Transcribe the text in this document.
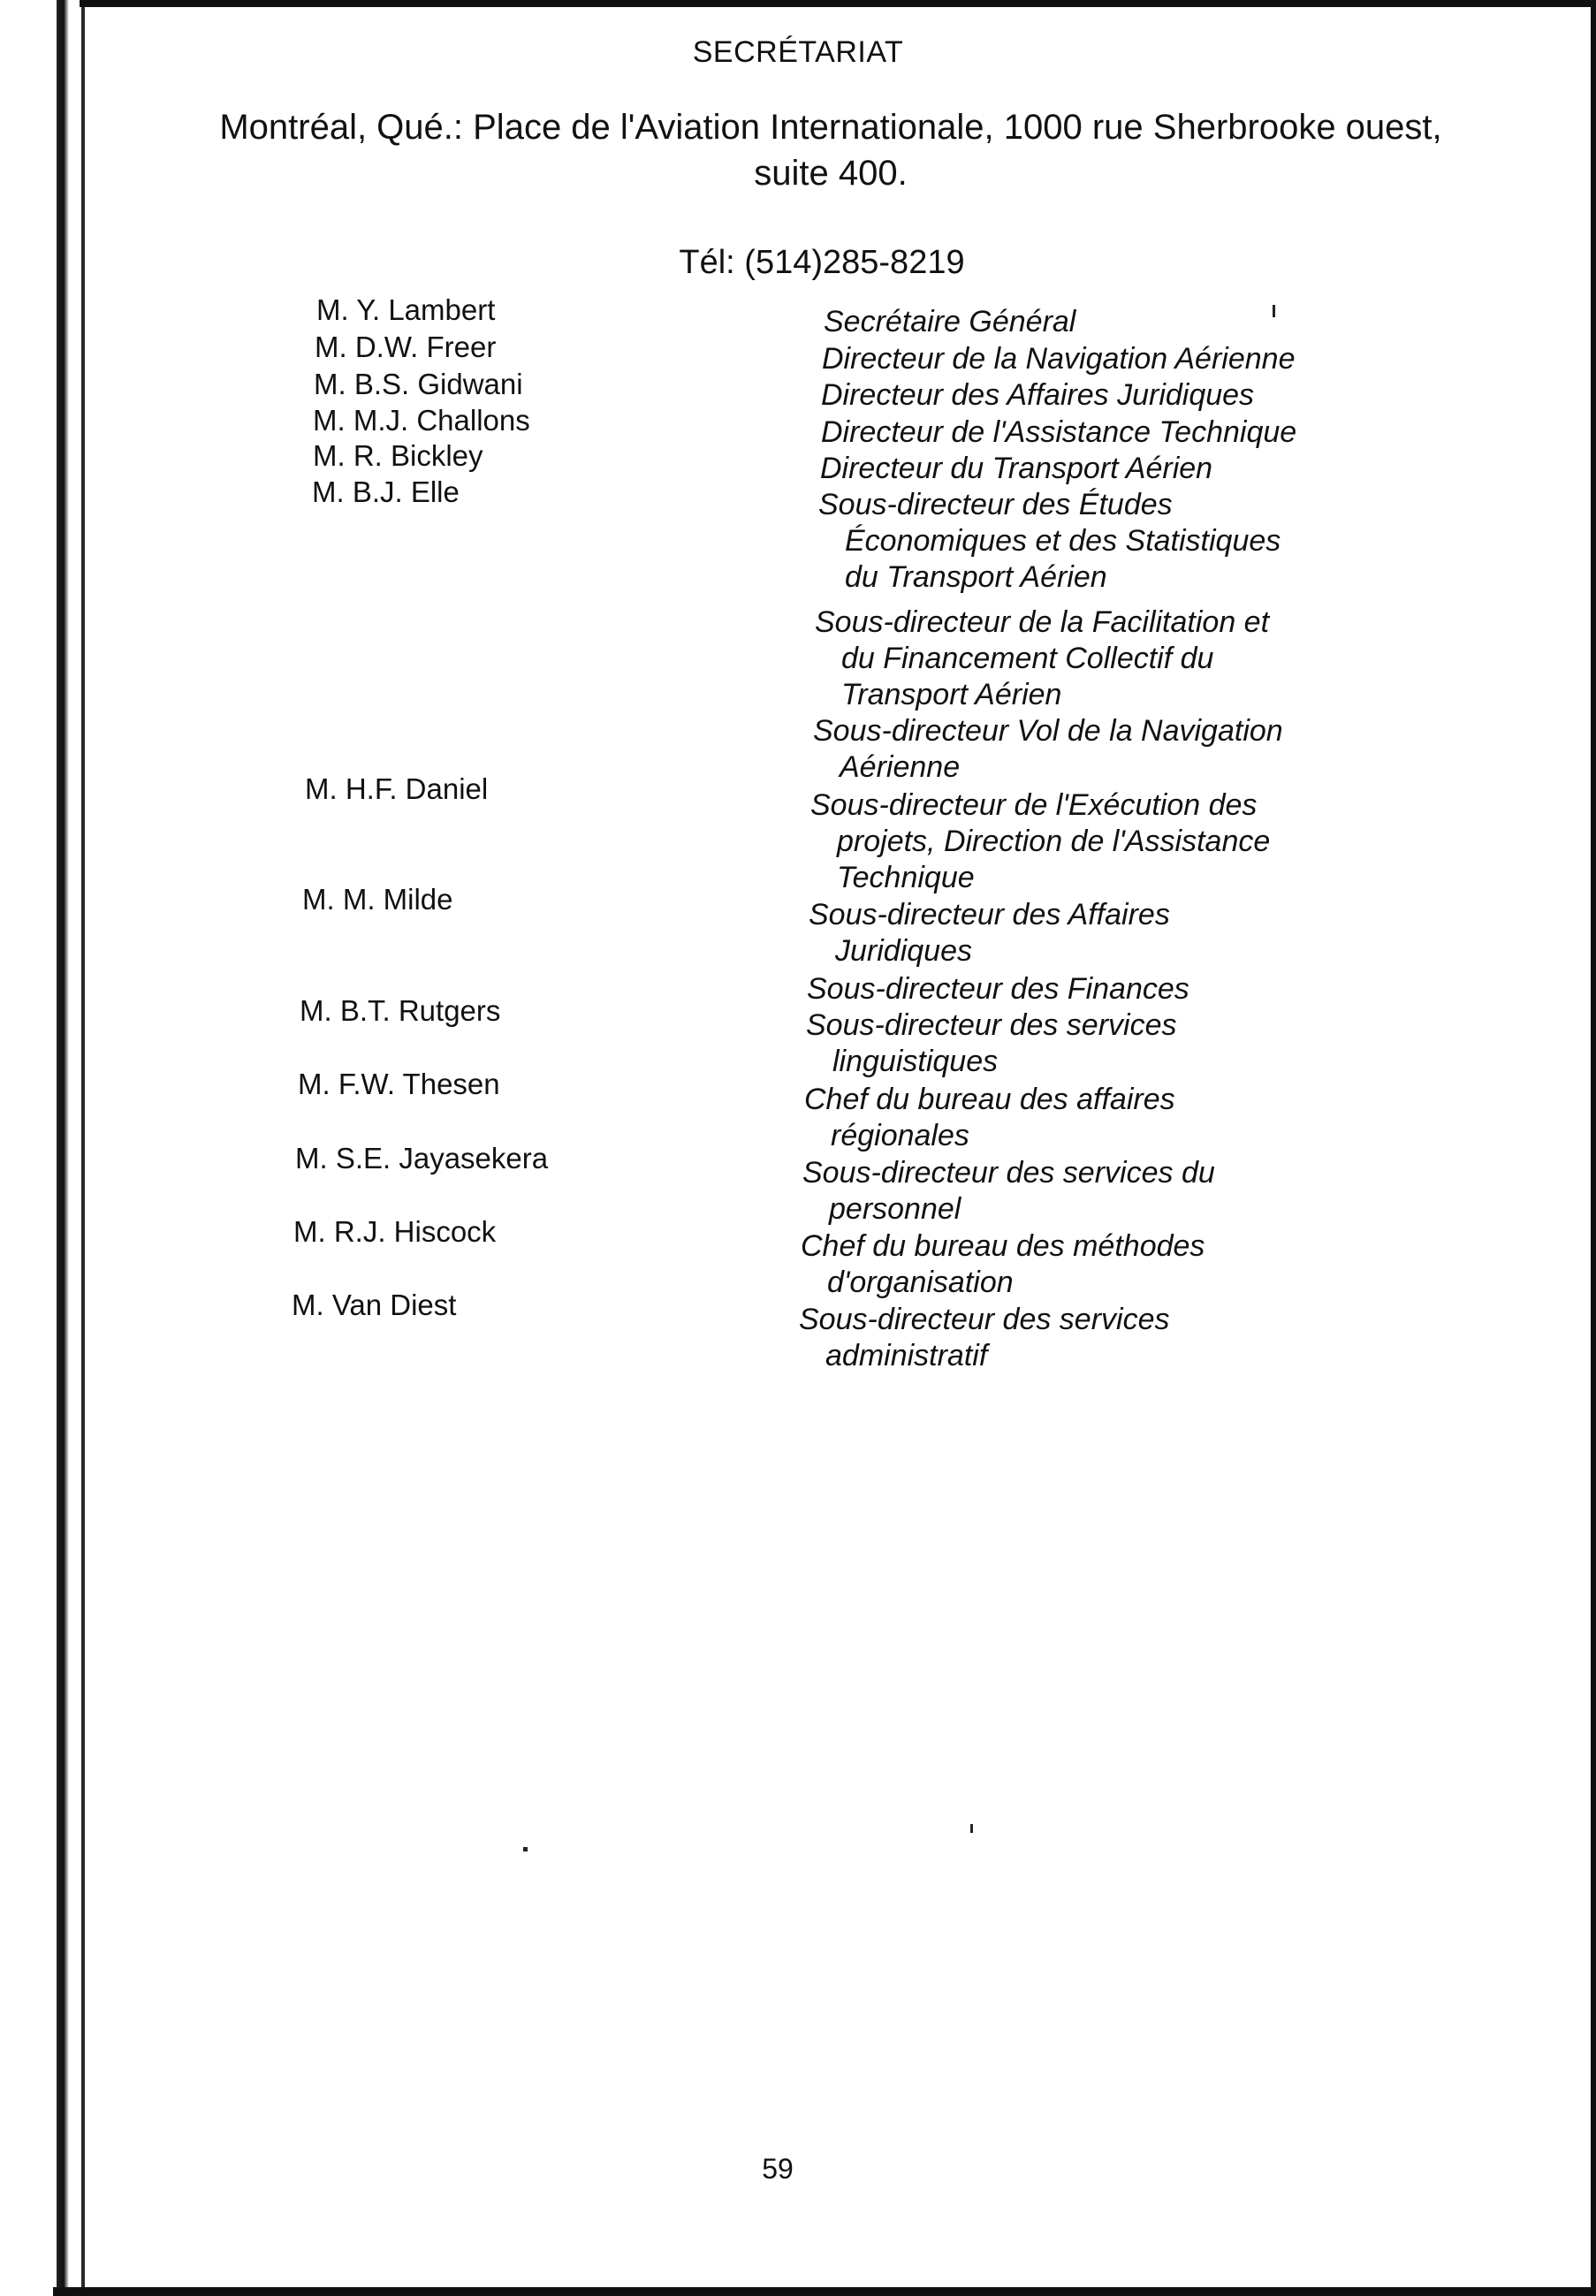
SECRÉTARIAT
Montréal, Qué.: Place de l'Aviation Internationale, 1000 rue Sherbrooke ouest,
suite 400.
Tél: (514)285-8219
M. Y. Lambert
M. D.W. Freer
M. B.S. Gidwani
M. M.J. Challons
M. R. Bickley
M. B.J. Elle
M. H.F. Daniel
M. M. Milde
M. B.T. Rutgers
M. F.W. Thesen
M. S.E. Jayasekera
M. R.J. Hiscock
M. Van Diest
Secrétaire Général
Directeur de la Navigation Aérienne
Directeur des Affaires Juridiques
Directeur de l'Assistance Technique
Directeur du Transport Aérien
Sous-directeur des Études
Économiques et des Statistiques
du Transport Aérien
Sous-directeur de la Facilitation et
du Financement Collectif du
Transport Aérien
Sous-directeur Vol de la Navigation
Aérienne
Sous-directeur de l'Exécution des
projets, Direction de l'Assistance
Technique
Sous-directeur des Affaires
Juridiques
Sous-directeur des Finances
Sous-directeur des services
linguistiques
Chef du bureau des affaires
régionales
Sous-directeur des services du
personnel
Chef du bureau des méthodes
d'organisation
Sous-directeur des services
administratif
59
